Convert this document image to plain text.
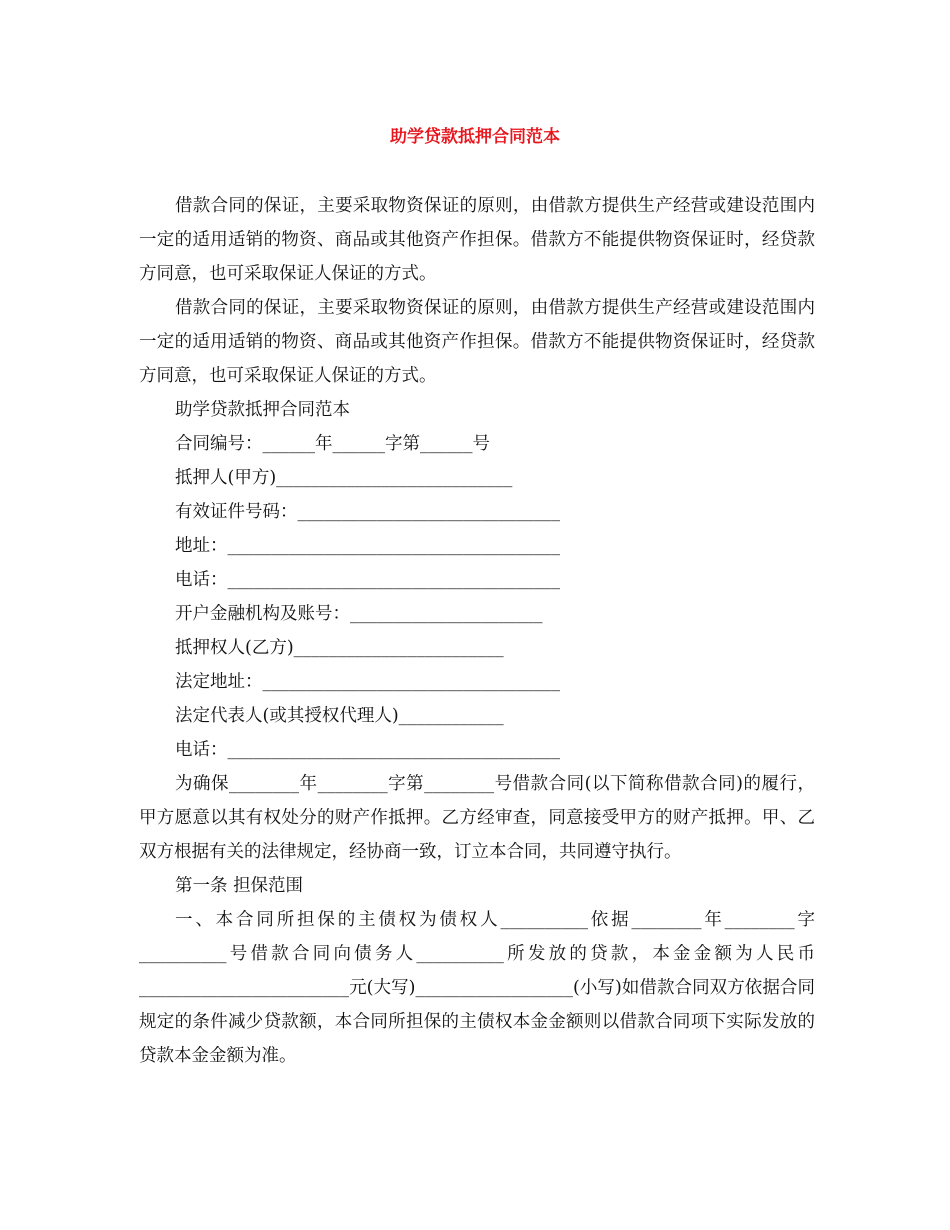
助学贷款抵押合同范本

借款合同的保证，主要采取物资保证的原则，由借款方提供生产经营或建设范围内一定的适用适销的物资、商品或其他资产作担保。借款方不能提供物资保证时，经贷款方同意，也可采取保证人保证的方式。

借款合同的保证，主要采取物资保证的原则，由借款方提供生产经营或建设范围内一定的适用适销的物资、商品或其他资产作担保。借款方不能提供物资保证时，经贷款方同意，也可采取保证人保证的方式。

助学贷款抵押合同范本

合同编号：______年______字第______号

抵押人(甲方)___________________________

有效证件号码：______________________________

地址：______________________________________

电话：______________________________________

开户金融机构及账号：______________________

抵押权人(乙方)________________________

法定地址：__________________________________

法定代表人(或其授权代理人)____________

电话：______________________________________

为确保________年________字第________号借款合同(以下简称借款合同)的履行，甲方愿意以其有权处分的财产作抵押。乙方经审查，同意接受甲方的财产抵押。甲、乙双方根据有关的法律规定，经协商一致，订立本合同，共同遵守执行。

第一条 担保范围

一、本合同所担保的主债权为债权人__________依据________年________字__________号借款合同向债务人__________所发放的贷款，本金金额为人民币________________________元(大写)__________________(小写)如借款合同双方依据合同规定的条件减少贷款额，本合同所担保的主债权本金金额则以借款合同项下实际发放的贷款本金金额为准。
